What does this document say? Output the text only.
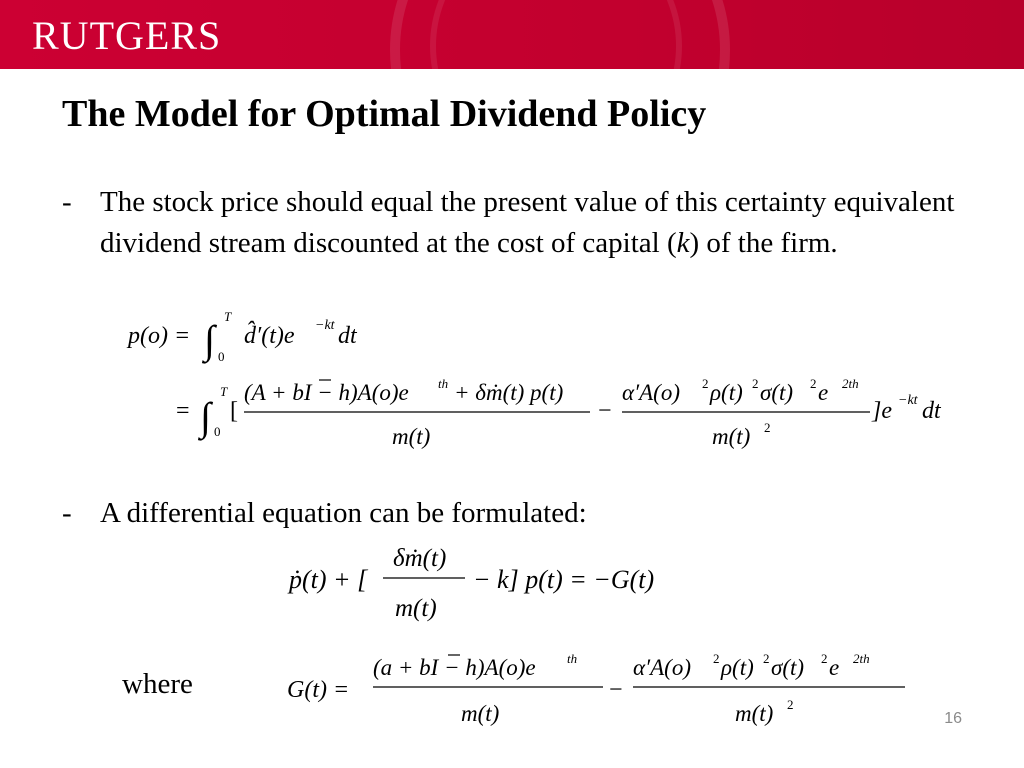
RUTGERS
The Model for Optimal Dividend Policy
- The stock price should equal the present value of this certainty equivalent dividend stream discounted at the cost of capital (k) of the firm.
p(o) = ∫
T
0
d̂′(t)e −kt dt
= ∫
T
0
[
(A + bI − h)A(o)e th + δṁ(t) p(t)
m(t)
−
α′A(o) 2 ρ(t) 2 σ(t) 2 e 2th
m(t) 2
]e −kt dt
- A differential equation can be formulated:
ṗ(t) + [
δṁ(t)
m(t)
− k] p(t) = −G(t)
where	G(t) =
(a + bI − h)A(o)e th
m(t)
−
α′A(o) 2 ρ(t) 2 σ(t) 2 e 2th
m(t) 2
16
